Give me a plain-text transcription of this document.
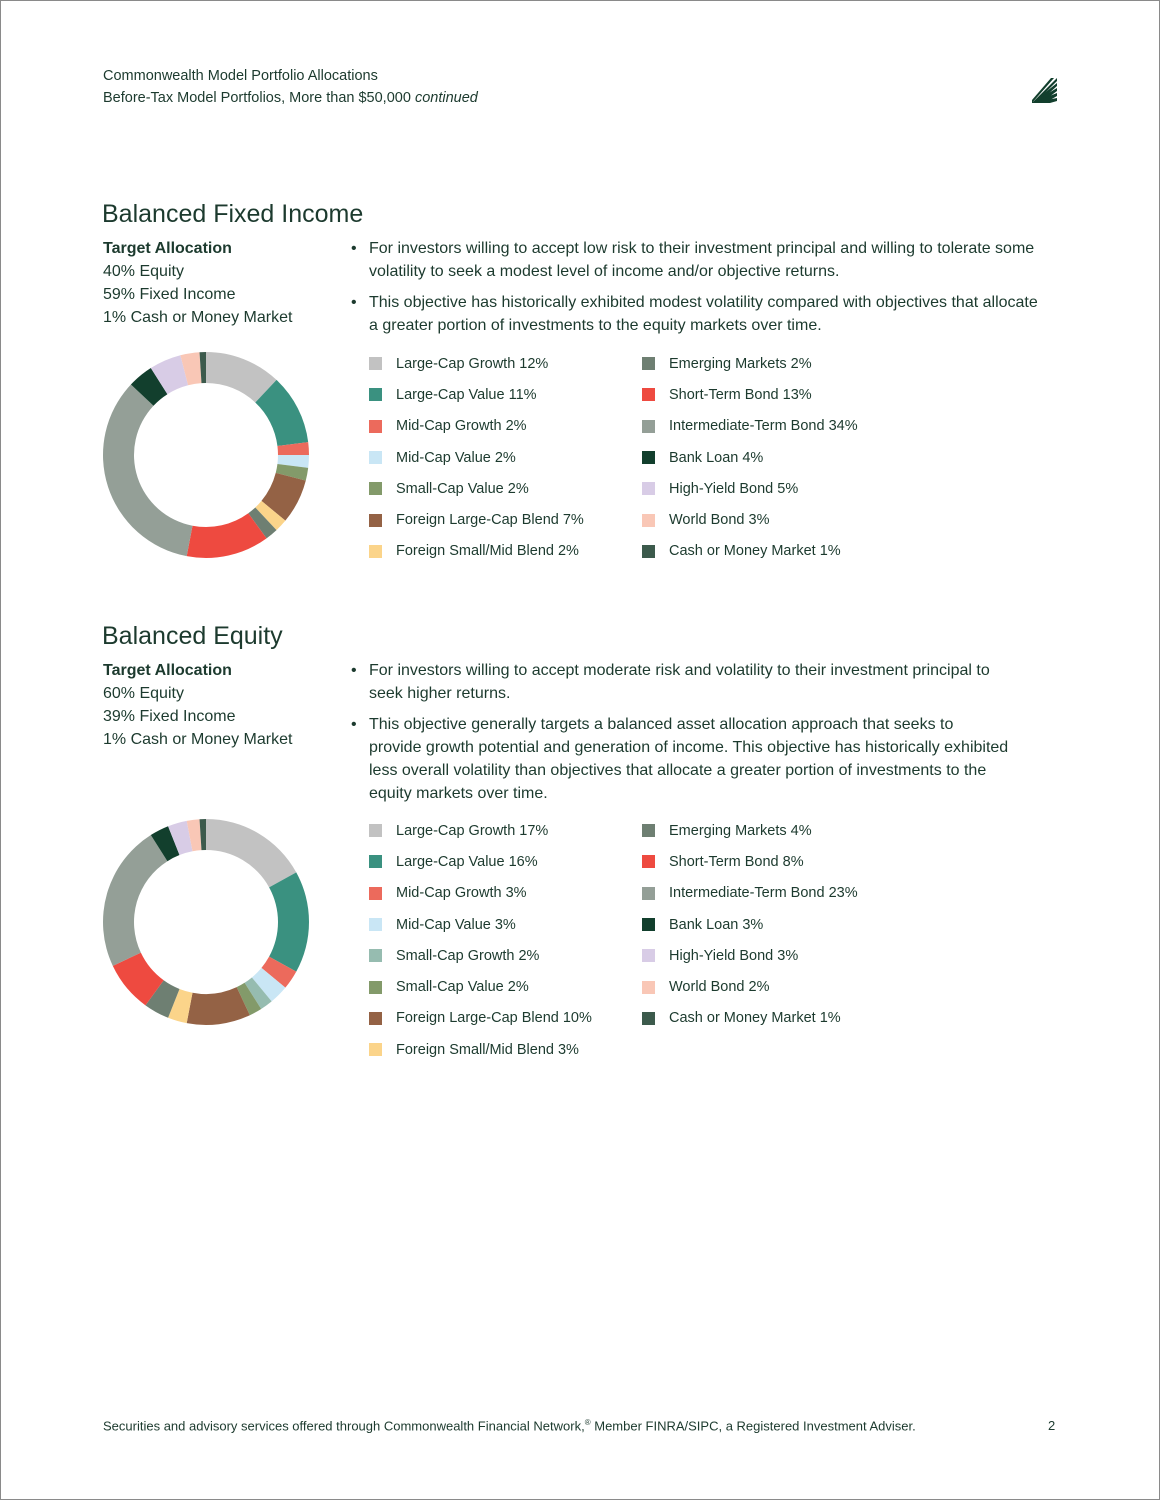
Commonwealth Model Portfolio Allocations
Before-Tax Model Portfolios, More than $50,000 continued
Balanced Fixed Income
Target Allocation
40% Equity
59% Fixed Income
1% Cash or Money Market
• For investors willing to accept low risk to their investment principal and willing to tolerate some volatility to seek a modest level of income and/or objective returns.
• This objective has historically exhibited modest volatility compared with objectives that allocate a greater portion of investments to the equity markets over time.
Large-Cap Growth 12%
Large-Cap Value 11%
Mid-Cap Growth 2%
Mid-Cap Value 2%
Small-Cap Value 2%
Foreign Large-Cap Blend 7%
Foreign Small/Mid Blend 2%
Emerging Markets 2%
Short-Term Bond 13%
Intermediate-Term Bond 34%
Bank Loan 4%
High-Yield Bond 5%
World Bond 3%
Cash or Money Market 1%
Balanced Equity
Target Allocation
60% Equity
39% Fixed Income
1% Cash or Money Market
• For investors willing to accept moderate risk and volatility to their investment principal to seek higher returns.
• This objective generally targets a balanced asset allocation approach that seeks to provide growth potential and generation of income. This objective has historically exhibited less overall volatility than objectives that allocate a greater portion of investments to the equity markets over time.
Large-Cap Growth 17%
Large-Cap Value 16%
Mid-Cap Growth 3%
Mid-Cap Value 3%
Small-Cap Growth 2%
Small-Cap Value 2%
Foreign Large-Cap Blend 10%
Foreign Small/Mid Blend 3%
Emerging Markets 4%
Short-Term Bond 8%
Intermediate-Term Bond 23%
Bank Loan 3%
High-Yield Bond 3%
World Bond 2%
Cash or Money Market 1%
Securities and advisory services offered through Commonwealth Financial Network,® Member FINRA/SIPC, a Registered Investment Adviser.	2
